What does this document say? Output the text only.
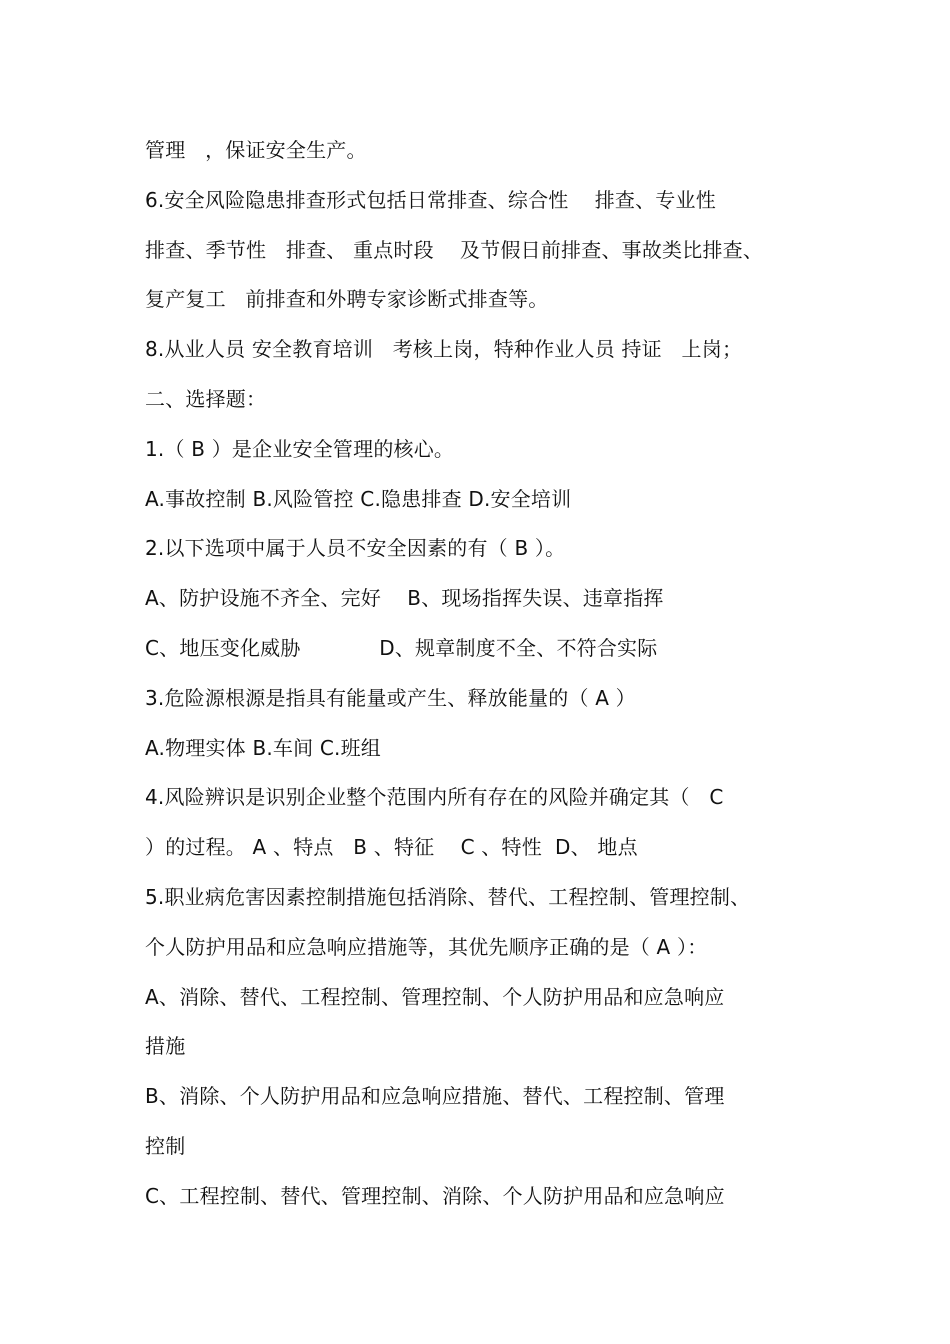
管理   ，保证安全生产。
6.安全风险隐患排查形式包括日常排查、综合性    排查、专业性
排查、季节性   排查、 重点时段    及节假日前排查、事故类比排查、
复产复工   前排查和外聘专家诊断式排查等。
8.从业人员 安全教育培训   考核上岗，特种作业人员 持证   上岗；
二、选择题：
1.（ B ）是企业安全管理的核心。
A.事故控制 B.风险管控 C.隐患排查 D.安全培训
2.以下选项中属于人员不安全因素的有（ B ）。
A、防护设施不齐全、完好    B、现场指挥失误、违章指挥
C、地压变化威胁            D、规章制度不全、不符合实际
3.危险源根源是指具有能量或产生、释放能量的（ A ）
A.物理实体 B.车间 C.班组
4.风险辨识是识别企业整个范围内所有存在的风险并确定其（   C
）的过程。 A 、特点   B 、特征    C 、特性  D、 地点
5.职业病危害因素控制措施包括消除、替代、工程控制、管理控制、
个人防护用品和应急响应措施等，其优先顺序正确的是（ A ）：
A、消除、替代、工程控制、管理控制、个人防护用品和应急响应
措施
B、消除、个人防护用品和应急响应措施、替代、工程控制、管理
控制
C、工程控制、替代、管理控制、消除、个人防护用品和应急响应
